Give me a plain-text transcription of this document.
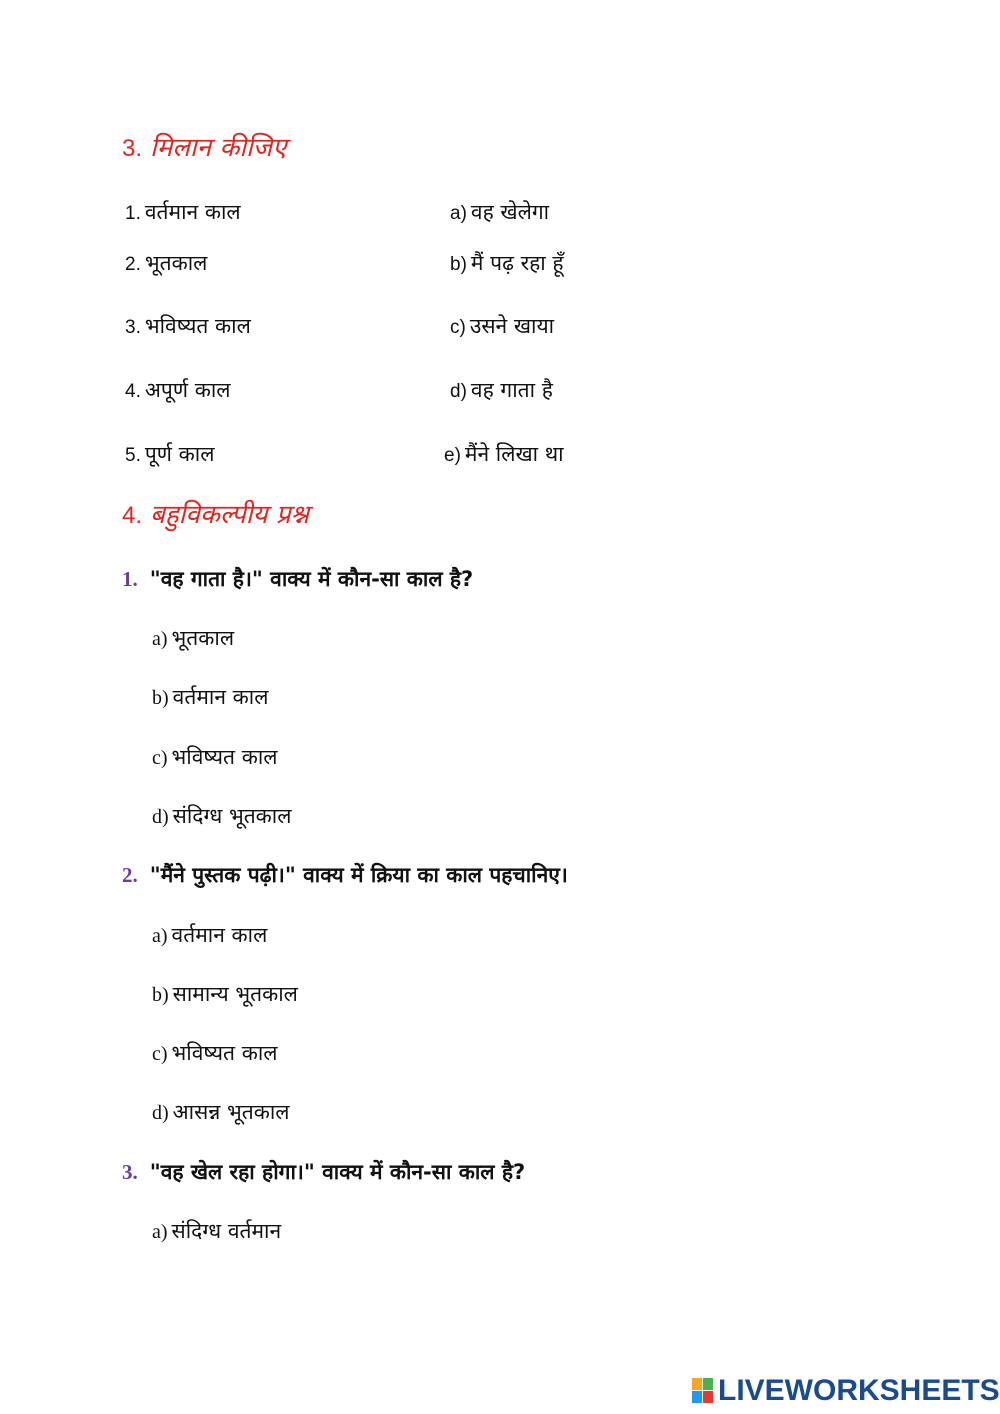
3. मिलान कीजिए
1. वर्तमान काल
2. भूतकाल
3. भविष्यत काल
4. अपूर्ण काल
5. पूर्ण काल
a) वह खेलेगा
b) मैं पढ़ रहा हूँ
c) उसने खाया
d) वह गाता है
e) मैंने लिखा था
4. बहुविकल्पीय प्रश्न
1. "वह गाता है।" वाक्य में कौन-सा काल है?
a) भूतकाल
b) वर्तमान काल
c) भविष्यत काल
d) संदिग्ध भूतकाल
2. "मैंने पुस्तक पढ़ी।" वाक्य में क्रिया का काल पहचानिए।
a) वर्तमान काल
b) सामान्य भूतकाल
c) भविष्यत काल
d) आसन्न भूतकाल
3. "वह खेल रहा होगा।" वाक्य में कौन-सा काल है?
a) संदिग्ध वर्तमान
LIVEWORKSHEETS
